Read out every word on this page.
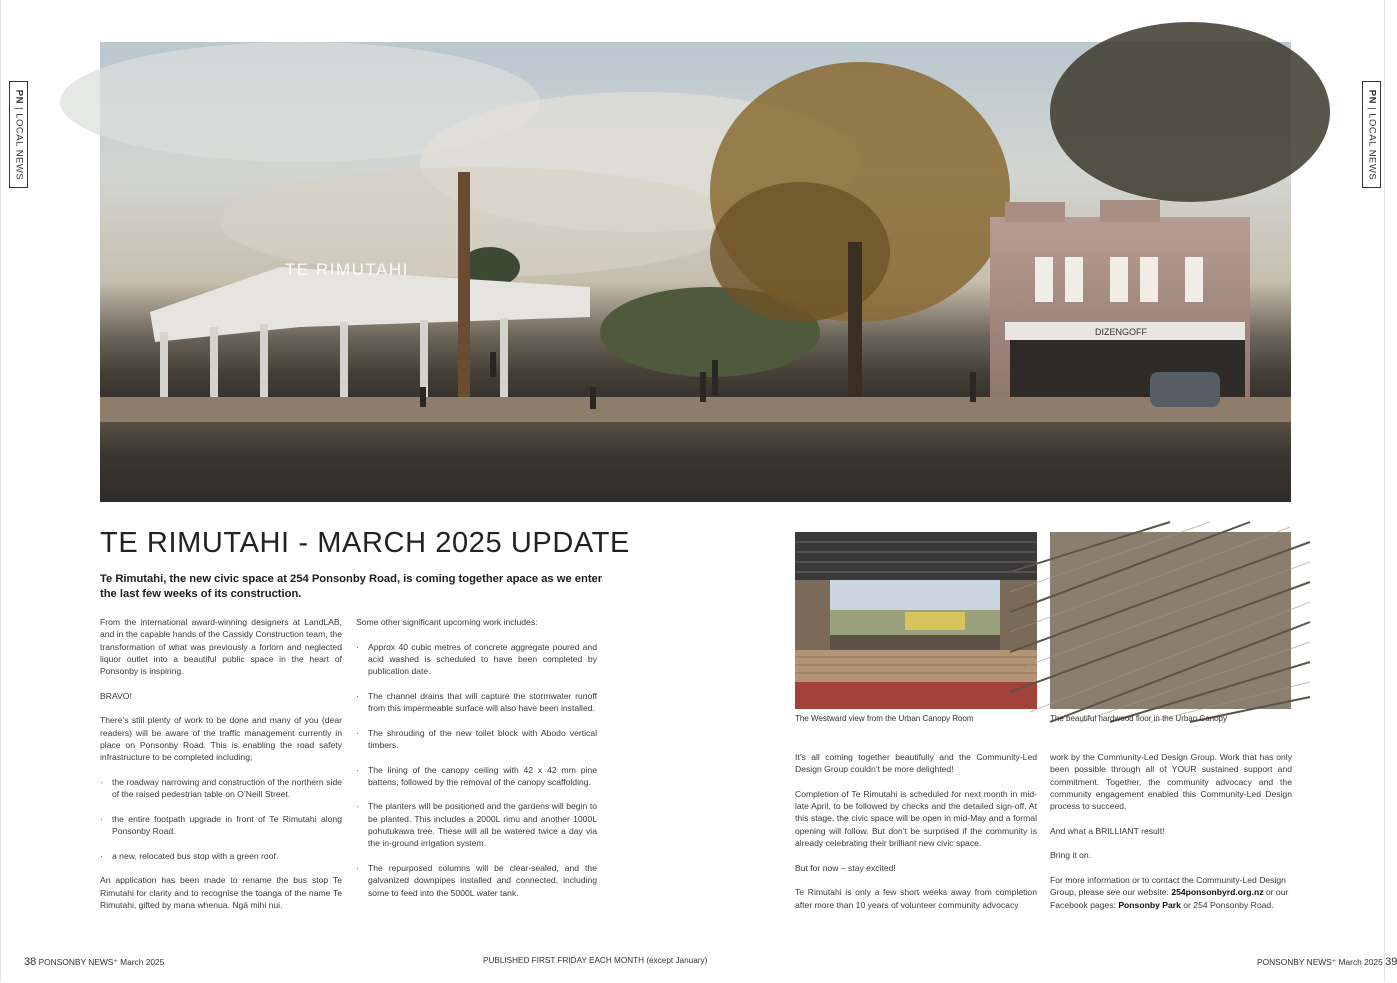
PN | LOCAL NEWS
PN | LOCAL NEWS
DIZENGOFF
TE RIMUTAHI
TE RIMUTAHI - MARCH 2025 UPDATE
Te Rimutahi, the new civic space at 254 Ponsonby Road, is coming together apace as we enter the last few weeks of its construction.

From the international award-winning designers at LandLAB, and in the capable hands of the Cassidy Construction team, the transformation of what was previously a forlorn and neglected liquor outlet into a beautiful public space in the heart of Ponsonby is inspiring.

BRAVO!

There’s still plenty of work to be done and many of you (dear readers) will be aware of the traffic management currently in place on Ponsonby Road. This is enabling the road safety infrastructure to be completed including;

· the roadway narrowing and construction of the northern side of the raised pedestrian table on O’Neill Street.
· the entire footpath upgrade in front of Te Rimutahi along Ponsonby Road.
· a new, relocated bus stop with a green roof.

An application has been made to rename the bus stop Te Rimutahi for clarity and to recognise the toanga of the name Te Rimutahi, gifted by mana whenua. Ngā mihi nui.

Some other significant upcoming work includes:

· Approx 40 cubic metres of concrete aggregate poured and acid washed is scheduled to have been completed by publication date.
· The channel drains that will capture the stormwater runoff from this impermeable surface will also have been installed.
· The shrouding of the new toilet block with Abodo vertical timbers.
· The lining of the canopy ceiling with 42 x 42 mm pine battens, followed by the removal of the canopy scaffolding.
· The planters will be positioned and the gardens will begin to be planted. This includes a 2000L rimu and another 1000L pohutukawa tree. These will all be watered twice a day via the in-ground irrigation system.
· The repurposed columns will be clear-sealed, and the galvanized downpipes installed and connected, including some to feed into the 5000L water tank.
The Westward view from the Urban Canopy Room	The beautiful hardwood floor in the Urban Canopy

It’s all coming together beautifully and the Community-Led Design Group couldn’t be more delighted!

Completion of Te Rimutahi is scheduled for next month in mid-late April, to be followed by checks and the detailed sign-off. At this stage, the civic space will be open in mid-May and a formal opening will follow. But don’t be surprised if the community is already celebrating their brilliant new civic space.

But for now – stay excited!

Te Rimutahi is only a few short weeks away from completion after more than 10 years of volunteer community advocacy

work by the Community-Led Design Group. Work that has only been possible through all of YOUR sustained support and commitment. Together, the community advocacy and the community engagement enabled this Community-Led Design process to succeed.

And what a BRILLIANT result!

Bring it on.

For more information or to contact the Community-Led Design Group, please see our website: 254ponsonbyrd.org.nz or our Facebook pages: Ponsonby Park or 254 Ponsonby Road.

38 PONSONBY NEWS⁺ March 2025	PUBLISHED FIRST FRIDAY EACH MONTH (except January)	PONSONBY NEWS⁺ March 2025 39
